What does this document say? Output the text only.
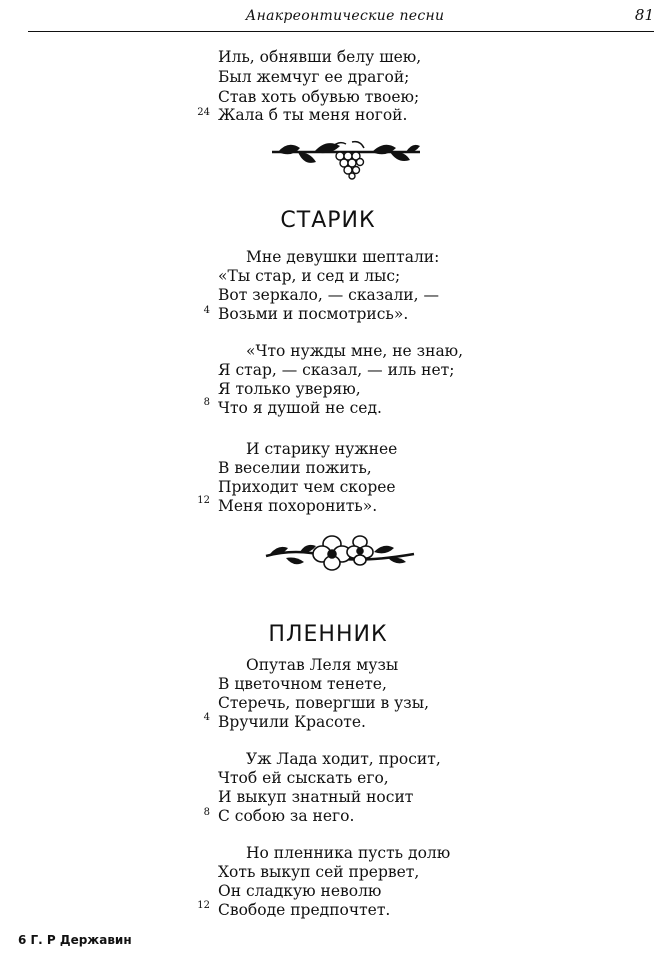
Анакреонтические песни	81
Иль, обнявши белу шею,
Был жемчуг ее драгой;
Став хоть обувью твоею;
24 Жала б ты меня ногой.
СТАРИК
Мне девушки шептали:
«Ты стар, и сед и лыс;
Вот зеркало, — сказали, —
4 Возьми и посмотрись».
«Что нужды мне, не знаю,
Я стар, — сказал, — иль нет;
Я только уверяю,
8 Что я душой не сед.
И старику нужнее
В веселии пожить,
Приходит чем скорее
12 Меня похоронить».
ПЛЕННИК
Опутав Леля музы
В цветочном тенете,
Стеречь, повергши в узы,
4 Вручили Красоте.
Уж Лада ходит, просит,
Чтоб ей сыскать его,
И выкуп знатный носит
8 С собою за него.
Но пленника пусть долю
Хоть выкуп сей прервет,
Он сладкую неволю
12 Свободе предпочтет.
6 Г. Р Державин
